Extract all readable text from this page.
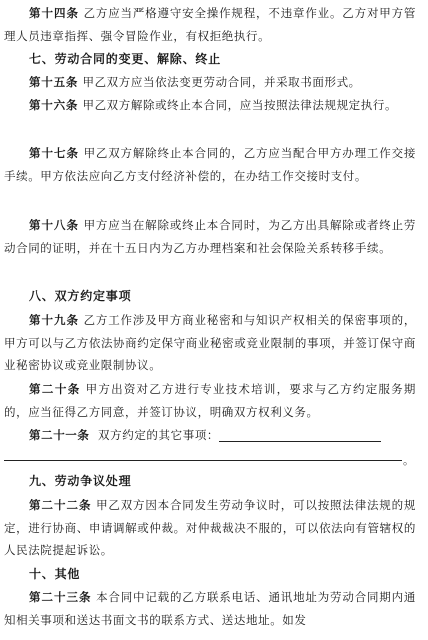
第十四条 乙方应当严格遵守安全操作规程，不违章作业。乙方对甲方管理人员违章指挥、强令冒险作业，有权拒绝执行。
七、劳动合同的变更、解除、终止
第十五条 甲乙双方应当依法变更劳动合同，并采取书面形式。
第十六条 甲乙双方解除或终止本合同，应当按照法律法规规定执行。
第十七条 甲乙双方解除终止本合同的，乙方应当配合甲方办理工作交接手续。甲方依法应向乙方支付经济补偿的，在办结工作交接时支付。
第十八条 甲方应当在解除或终止本合同时，为乙方出具解除或者终止劳动合同的证明，并在十五日内为乙方办理档案和社会保险关系转移手续。
八、双方约定事项
第十九条 乙方工作涉及甲方商业秘密和与知识产权相关的保密事项的，甲方可以与乙方依法协商约定保守商业秘密或竞业限制的事项，并签订保守商业秘密协议或竞业限制协议。
第二十条 甲方出资对乙方进行专业技术培训，要求与乙方约定服务期的，应当征得乙方同意，并签订协议，明确双方权利义务。
第二十一条 双方约定的其它事项：
。
九、劳动争议处理
第二十二条 甲乙双方因本合同发生劳动争议时，可以按照法律法规的规定，进行协商、申请调解或仲裁。对仲裁裁决不服的，可以依法向有管辖权的人民法院提起诉讼。
十、其他
第二十三条 本合同中记载的乙方联系电话、通讯地址为劳动合同期内通知相关事项和送达书面文书的联系方式、送达地址。如发
